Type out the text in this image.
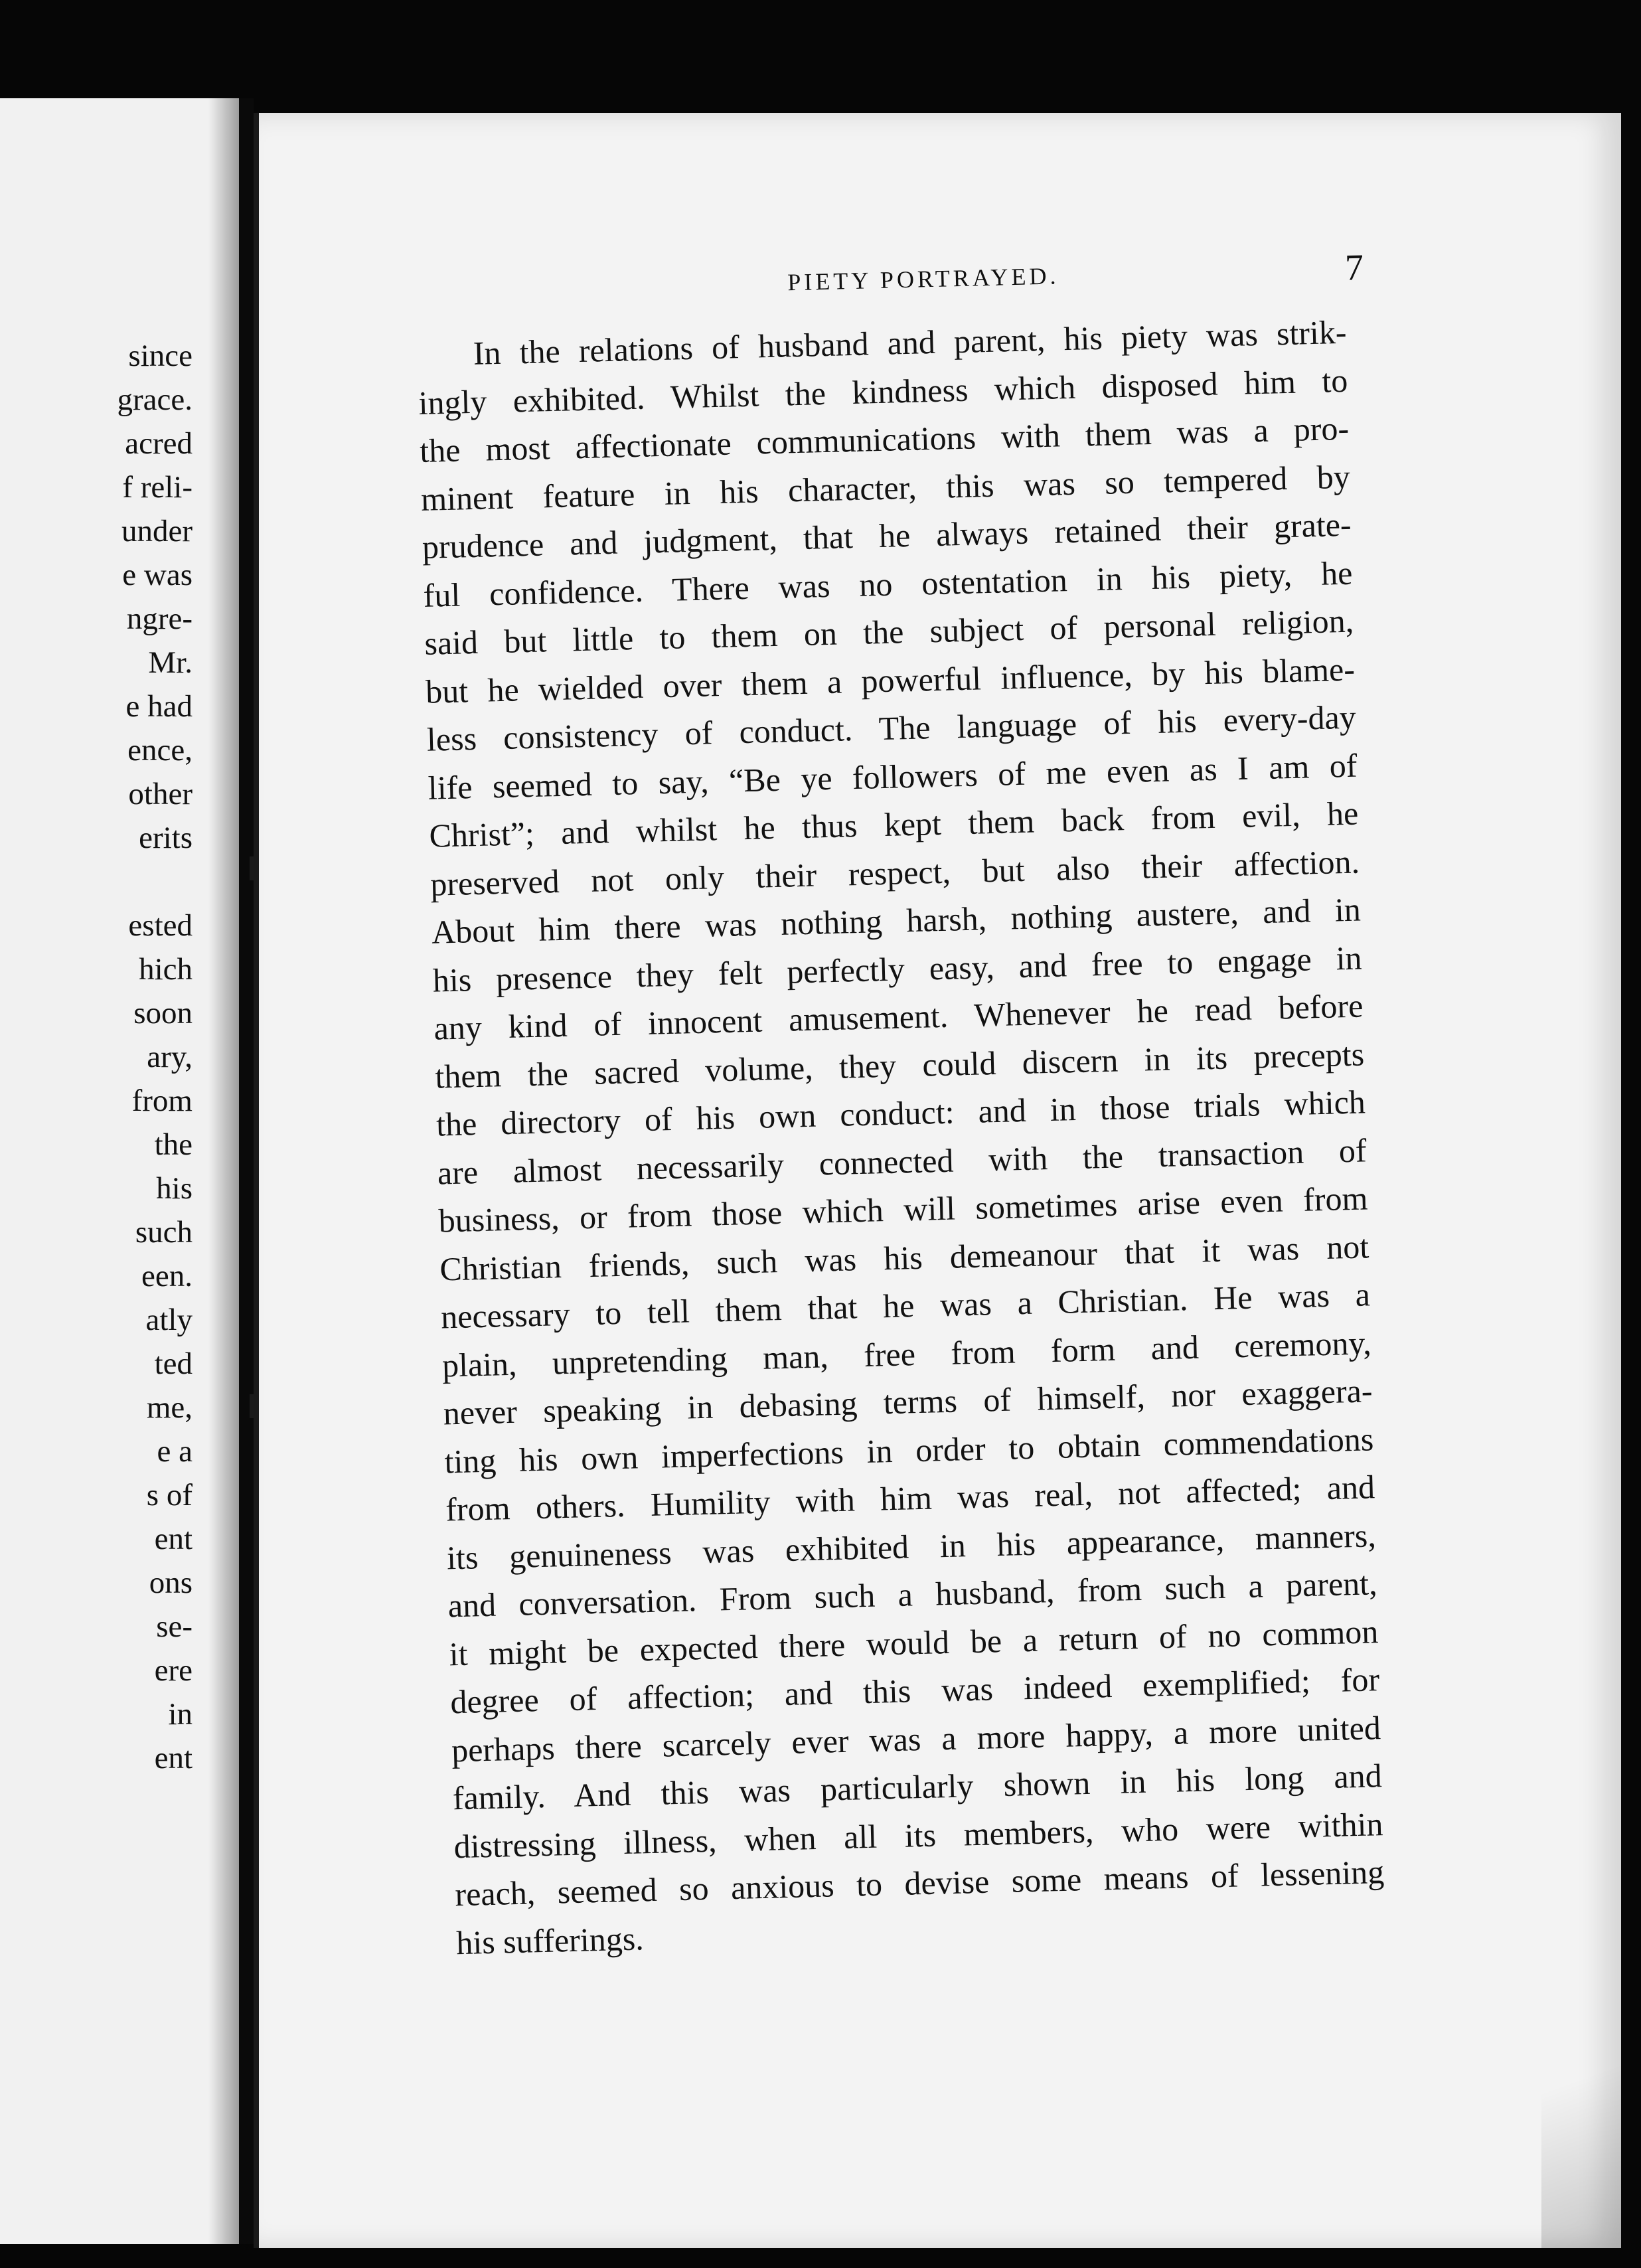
since
grace.
acred
f reli-
under
e was
ngre-
Mr.
e had
ence,
other
erits
ested
hich
soon
ary,
from
the
his
such
een.
atly
ted
me,
e a
s of
ent
ons
se-
ere
in
ent
PIETY PORTRAYED.	7
In the relations of husband and parent, his piety was strik-
ingly exhibited. Whilst the kindness which disposed him to
the most affectionate communications with them was a pro-
minent feature in his character, this was so tempered by
prudence and judgment, that he always retained their grate-
ful confidence. There was no ostentation in his piety, he
said but little to them on the subject of personal religion,
but he wielded over them a powerful influence, by his blame-
less consistency of conduct. The language of his every-day
life seemed to say, “Be ye followers of me even as I am of
Christ”; and whilst he thus kept them back from evil, he
preserved not only their respect, but also their affection.
About him there was nothing harsh, nothing austere, and in
his presence they felt perfectly easy, and free to engage in
any kind of innocent amusement. Whenever he read before
them the sacred volume, they could discern in its precepts
the directory of his own conduct: and in those trials which
are almost necessarily connected with the transaction of
business, or from those which will sometimes arise even from
Christian friends, such was his demeanour that it was not
necessary to tell them that he was a Christian. He was a
plain, unpretending man, free from form and ceremony,
never speaking in debasing terms of himself, nor exaggera-
ting his own imperfections in order to obtain commendations
from others. Humility with him was real, not affected; and
its genuineness was exhibited in his appearance, manners,
and conversation. From such a husband, from such a parent,
it might be expected there would be a return of no common
degree of affection; and this was indeed exemplified; for
perhaps there scarcely ever was a more happy, a more united
family. And this was particularly shown in his long and
distressing illness, when all its members, who were within
reach, seemed so anxious to devise some means of lessening
his sufferings.
